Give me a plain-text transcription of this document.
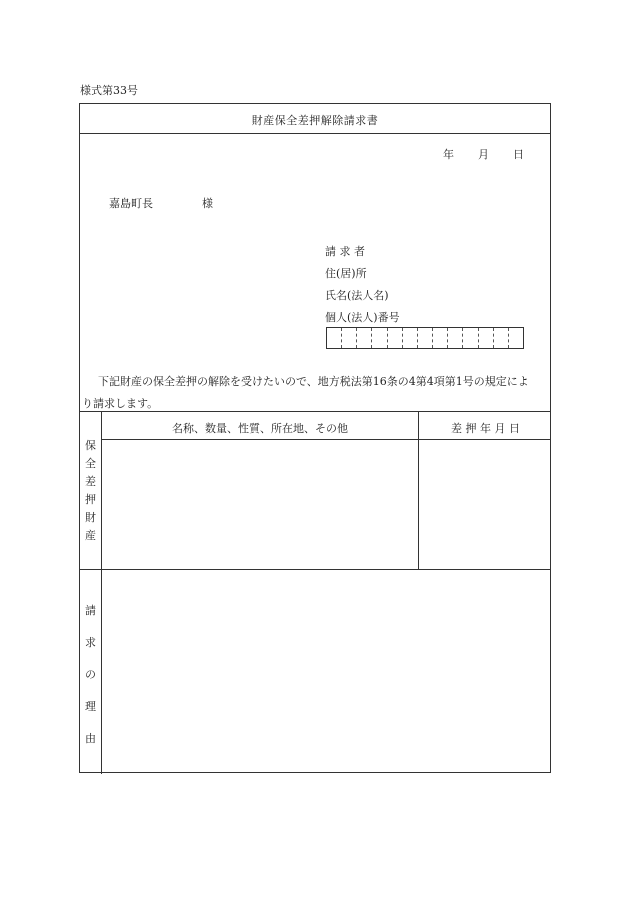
様式第33号
財産保全差押解除請求書
年 月 日
嘉島町長	様
請 求 者
住(居)所
氏名(法人名)
個人(法人)番号
下記財産の保全差押の解除を受けたいので、地方税法第16条の4第4項第1号の規定によ
り請求します。
名称、数量、性質、所在地、その他	差 押 年 月 日
保
全
差
押
財
産
請
求
の
理
由
